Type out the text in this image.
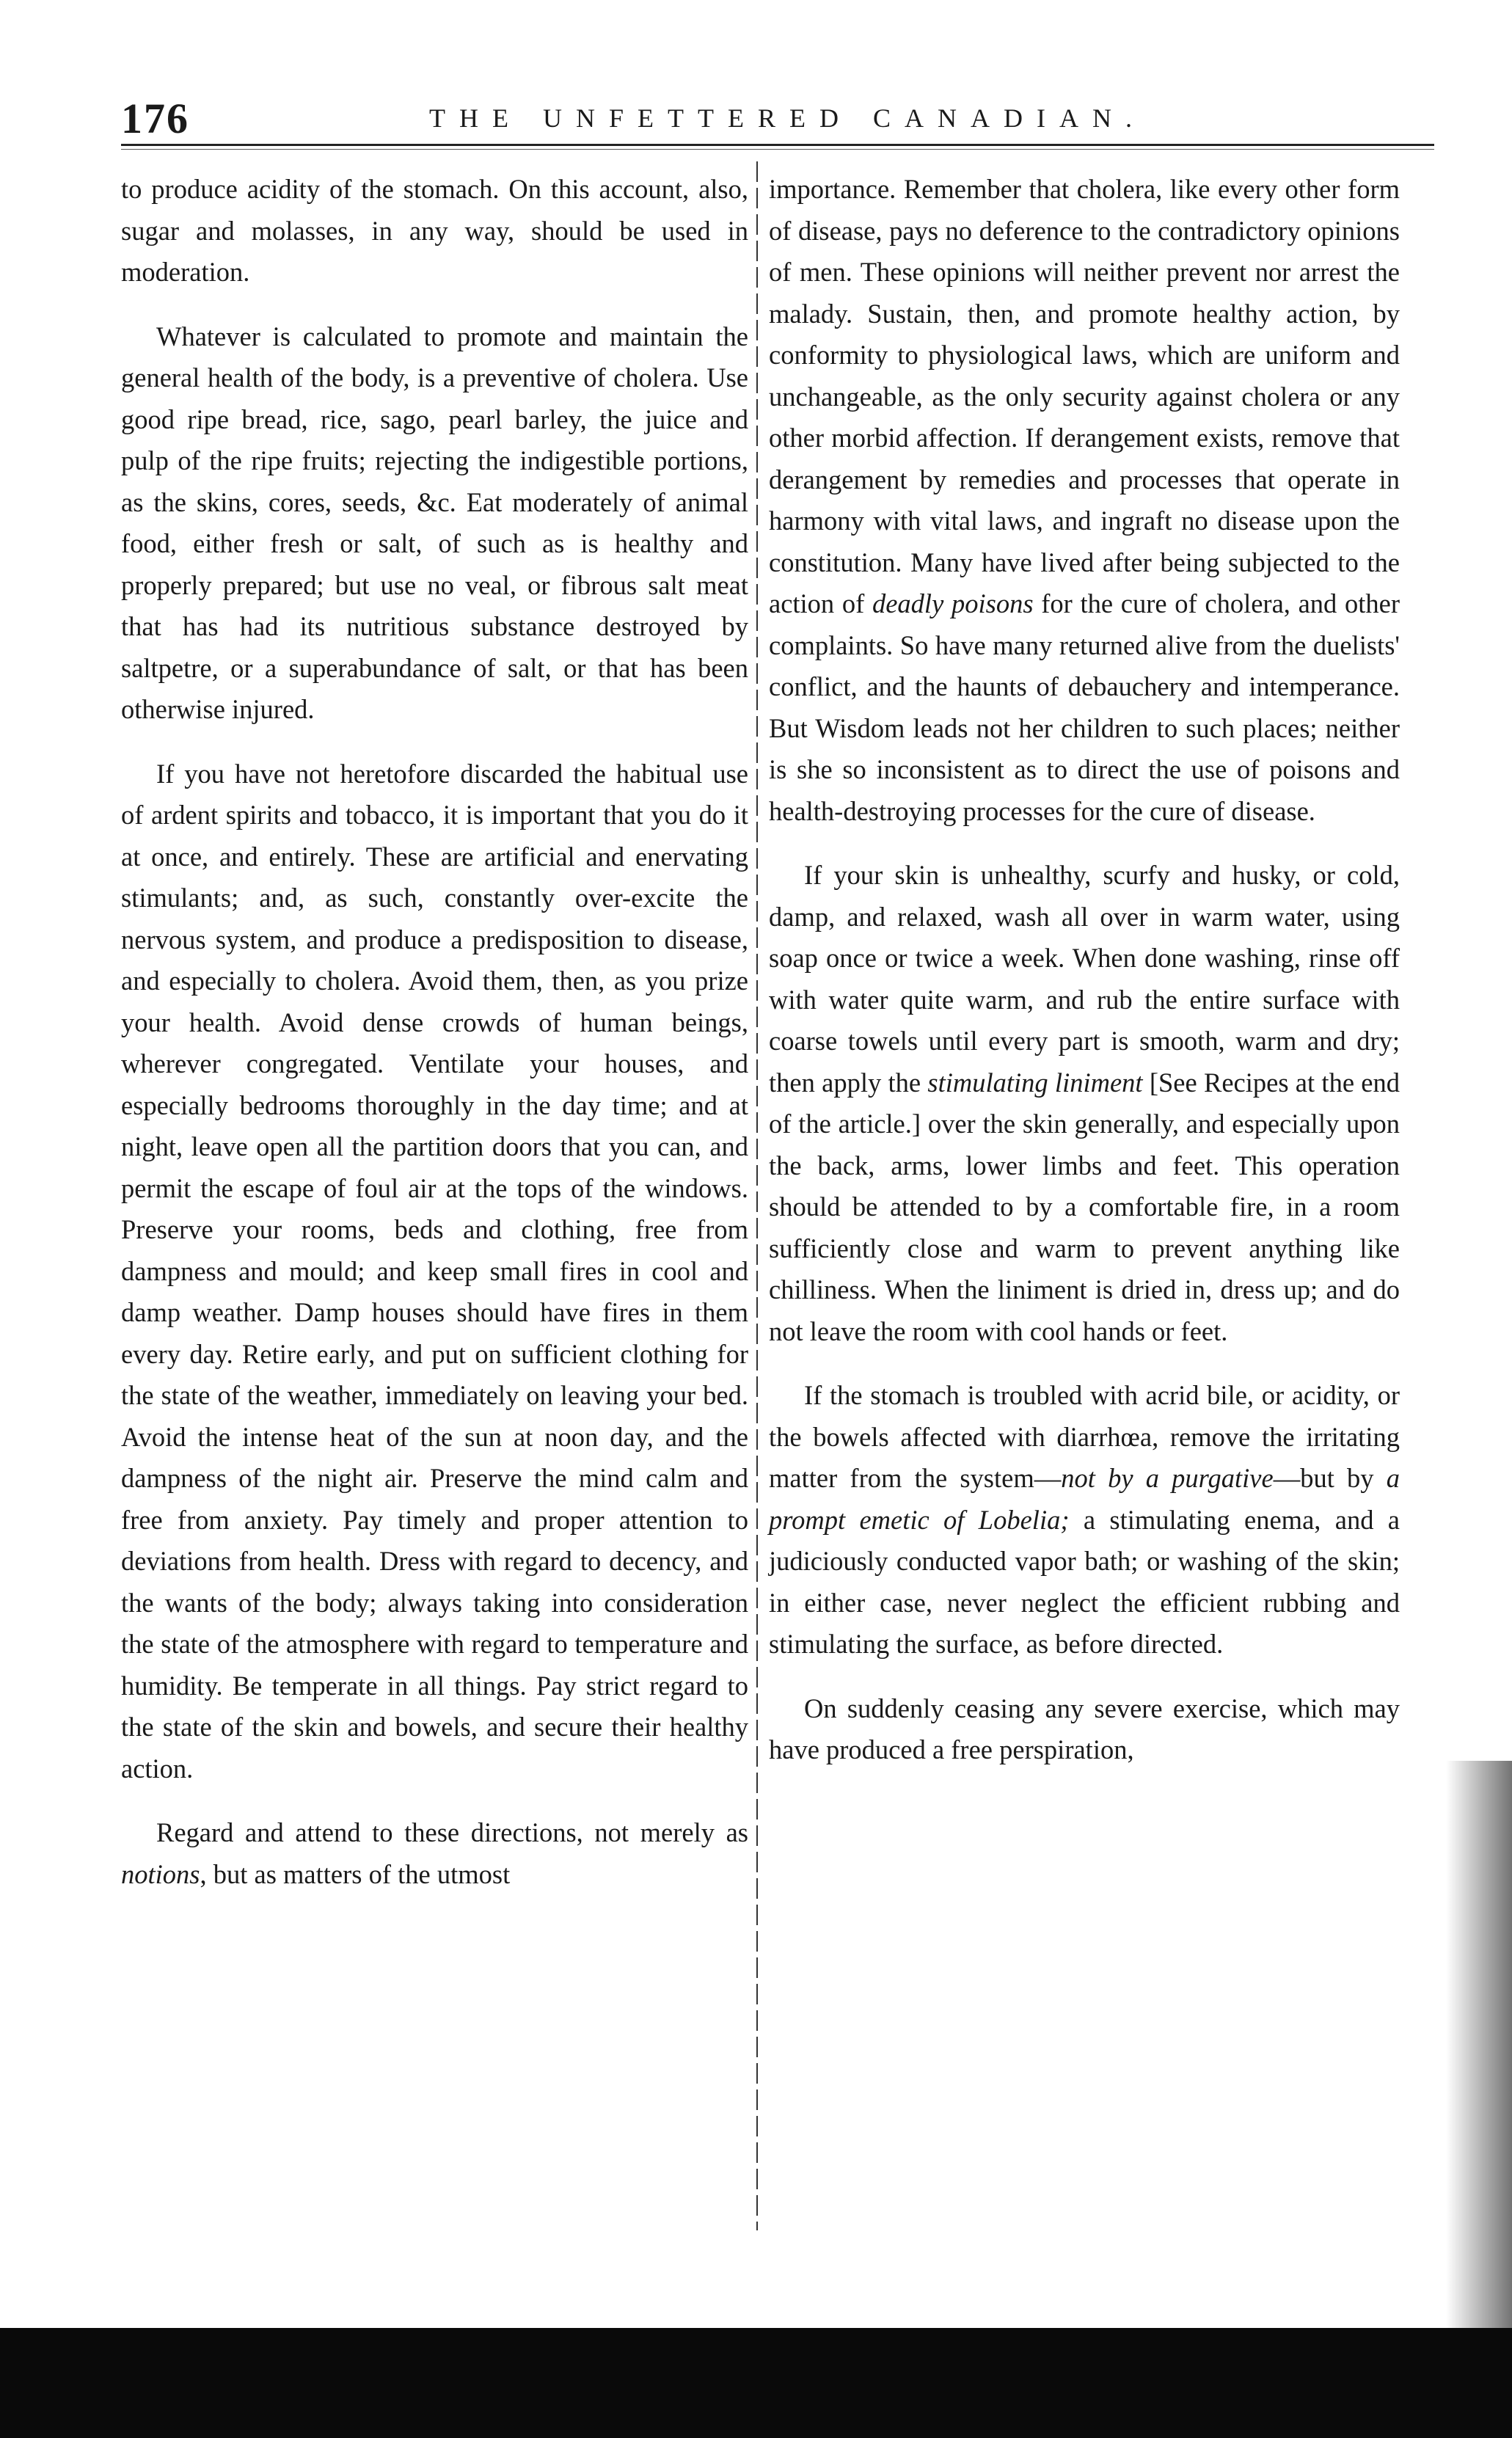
176	THE UNFETTERED CANADIAN.

to produce acidity of the stomach. On this account, also, sugar and molasses, in any way, should be used in moderation.

Whatever is calculated to promote and maintain the general health of the body, is a preventive of cholera. Use good ripe bread, rice, sago, pearl barley, the juice and pulp of the ripe fruits; rejecting the indigestible portions, as the skins, cores, seeds, &c. Eat moderately of animal food, either fresh or salt, of such as is healthy and properly prepared; but use no veal, or fibrous salt meat that has had its nutritious substance destroyed by saltpetre, or a superabundance of salt, or that has been otherwise injured.

If you have not heretofore discarded the habitual use of ardent spirits and tobacco, it is important that you do it at once, and entirely. These are artificial and enervating stimulants; and, as such, constantly over-excite the nervous system, and produce a predisposition to disease, and especially to cholera. Avoid them, then, as you prize your health. Avoid dense crowds of human beings, wherever congregated. Ventilate your houses, and especially bedrooms thoroughly in the day time; and at night, leave open all the partition doors that you can, and permit the escape of foul air at the tops of the windows. Preserve your rooms, beds and clothing, free from dampness and mould; and keep small fires in cool and damp weather. Damp houses should have fires in them every day. Retire early, and put on sufficient clothing for the state of the weather, immediately on leaving your bed. Avoid the intense heat of the sun at noon day, and the dampness of the night air. Preserve the mind calm and free from anxiety. Pay timely and proper attention to deviations from health. Dress with regard to decency, and the wants of the body; always taking into consideration the state of the atmosphere with regard to temperature and humidity. Be temperate in all things. Pay strict regard to the state of the skin and bowels, and secure their healthy action.

Regard and attend to these directions, not merely as notions, but as matters of the utmost

importance. Remember that cholera, like every other form of disease, pays no deference to the contradictory opinions of men. These opinions will neither prevent nor arrest the malady. Sustain, then, and promote healthy action, by conformity to physiological laws, which are uniform and unchangeable, as the only security against cholera or any other morbid affection. If derangement exists, remove that derangement by remedies and processes that operate in harmony with vital laws, and ingraft no disease upon the constitution. Many have lived after being subjected to the action of deadly poisons for the cure of cholera, and other complaints. So have many returned alive from the duelists' conflict, and the haunts of debauchery and intemperance. But Wisdom leads not her children to such places; neither is she so inconsistent as to direct the use of poisons and health-destroying processes for the cure of disease.

If your skin is unhealthy, scurfy and husky, or cold, damp, and relaxed, wash all over in warm water, using soap once or twice a week. When done washing, rinse off with water quite warm, and rub the entire surface with coarse towels until every part is smooth, warm and dry; then apply the stimulating liniment [See Recipes at the end of the article.] over the skin generally, and especially upon the back, arms, lower limbs and feet. This operation should be attended to by a comfortable fire, in a room sufficiently close and warm to prevent anything like chilliness. When the liniment is dried in, dress up; and do not leave the room with cool hands or feet.

If the stomach is troubled with acrid bile, or acidity, or the bowels affected with diarrhœa, remove the irritating matter from the system—not by a purgative—but by a prompt emetic of Lobelia; a stimulating enema, and a judiciously conducted vapor bath; or washing of the skin; in either case, never neglect the efficient rubbing and stimulating the surface, as before directed.

On suddenly ceasing any severe exercise, which may have produced a free perspiration,
